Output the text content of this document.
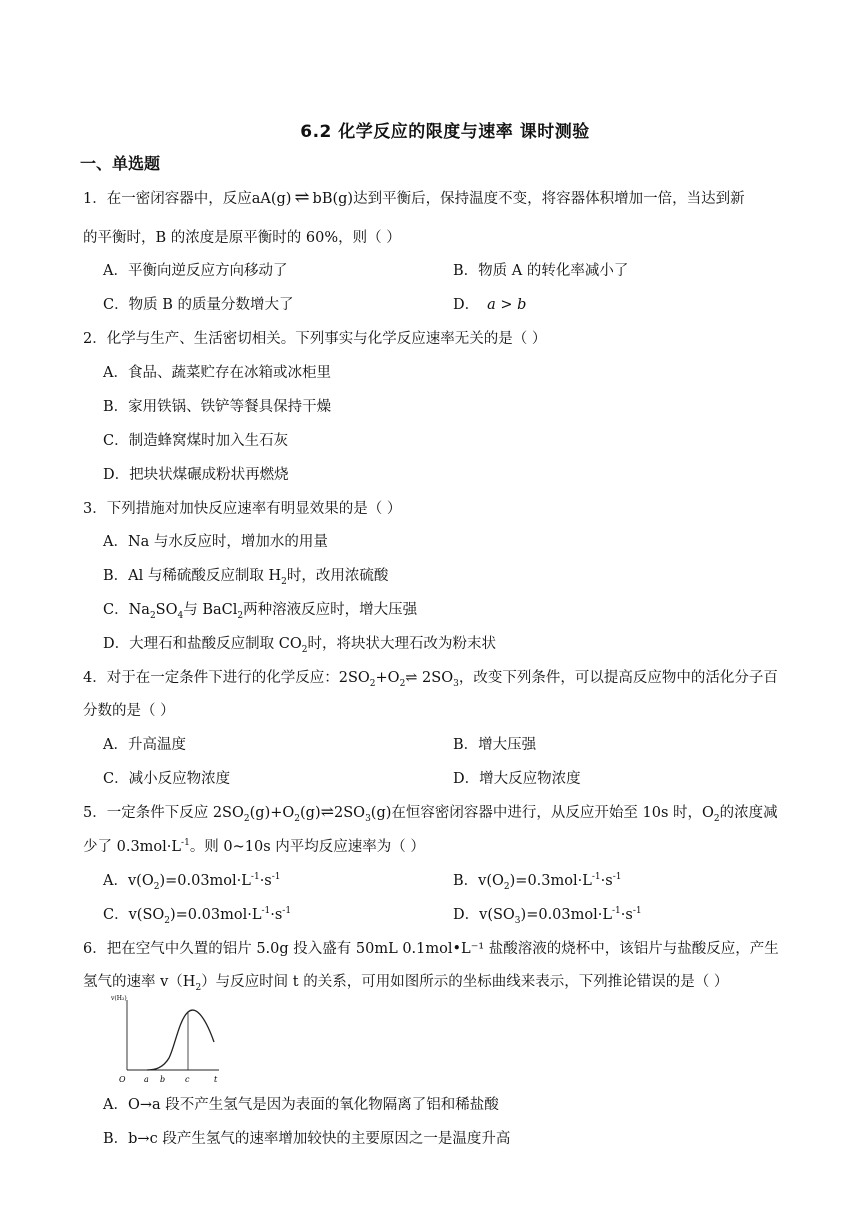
6.2 化学反应的限度与速率 课时测验
一、单选题
1．在一密闭容器中，反应aA(g) ⇌ bB(g)达到平衡后，保持温度不变，将容器体积增加一倍，当达到新
的平衡时，B 的浓度是原平衡时的 60%，则（ ）
A．平衡向逆反应方向移动了	B．物质 A 的转化率减小了
C．物质 B 的质量分数增大了	D． a > b
2．化学与生产、生活密切相关。下列事实与化学反应速率无关的是（ ）
A．食品、蔬菜贮存在冰箱或冰柜里
B．家用铁锅、铁铲等餐具保持干燥
C．制造蜂窝煤时加入生石灰
D．把块状煤碾成粉状再燃烧
3．下列措施对加快反应速率有明显效果的是（ ）
A．Na 与水反应时，增加水的用量
B．Al 与稀硫酸反应制取 $H_2$时，改用浓硫酸
C．$Na_2SO_4$与 BaCl$_2$两种溶液反应时，增大压强
D．大理石和盐酸反应制取 $CO_2$时，将块状大理石改为粉末状
4．对于在一定条件下进行的化学反应：$2SO_2+O_2\rightleftharpoons$ $2SO_3$，改变下列条件，可以提高反应物中的活化分子百
分数的是（ ）
A．升高温度	B．增大压强
C．减小反应物浓度	D．增大反应物浓度
5．一定条件下反应 $2SO_2(g)+O_2(g)\rightleftharpoons 2SO_3(g)$在恒容密闭容器中进行，从反应开始至 10s 时，$O_2$的浓度减
少了 $0.3mol\cdot L^{-1}$。则 0~10s 内平均反应速率为（ ）
A．$v(O_2)=0.03mol\cdot L^{-1}\cdot s^{-1}$	B．$v(O_2)=0.3mol\cdot L^{-1}\cdot s^{-1}$
C．$v(SO_2)=0.03mol\cdot L^{-1}\cdot s^{-1}$	D．$v(SO_3)=0.03mol\cdot L^{-1}\cdot s^{-1}$
6．把在空气中久置的铝片 5.0g 投入盛有 50mL 0.1mol•L⁻¹ 盐酸溶液的烧杯中，该铝片与盐酸反应，产生
氢气的速率 $v(H_2)$与反应时间 t 的关系，可用如图所示的坐标曲线来表示，下列推论错误的是（ ）
v(H₂)
O a b c	t
A．O→a 段不产生氢气是因为表面的氧化物隔离了铝和稀盐酸
B．b→c 段产生氢气的速率增加较快的主要原因之一是温度升高
